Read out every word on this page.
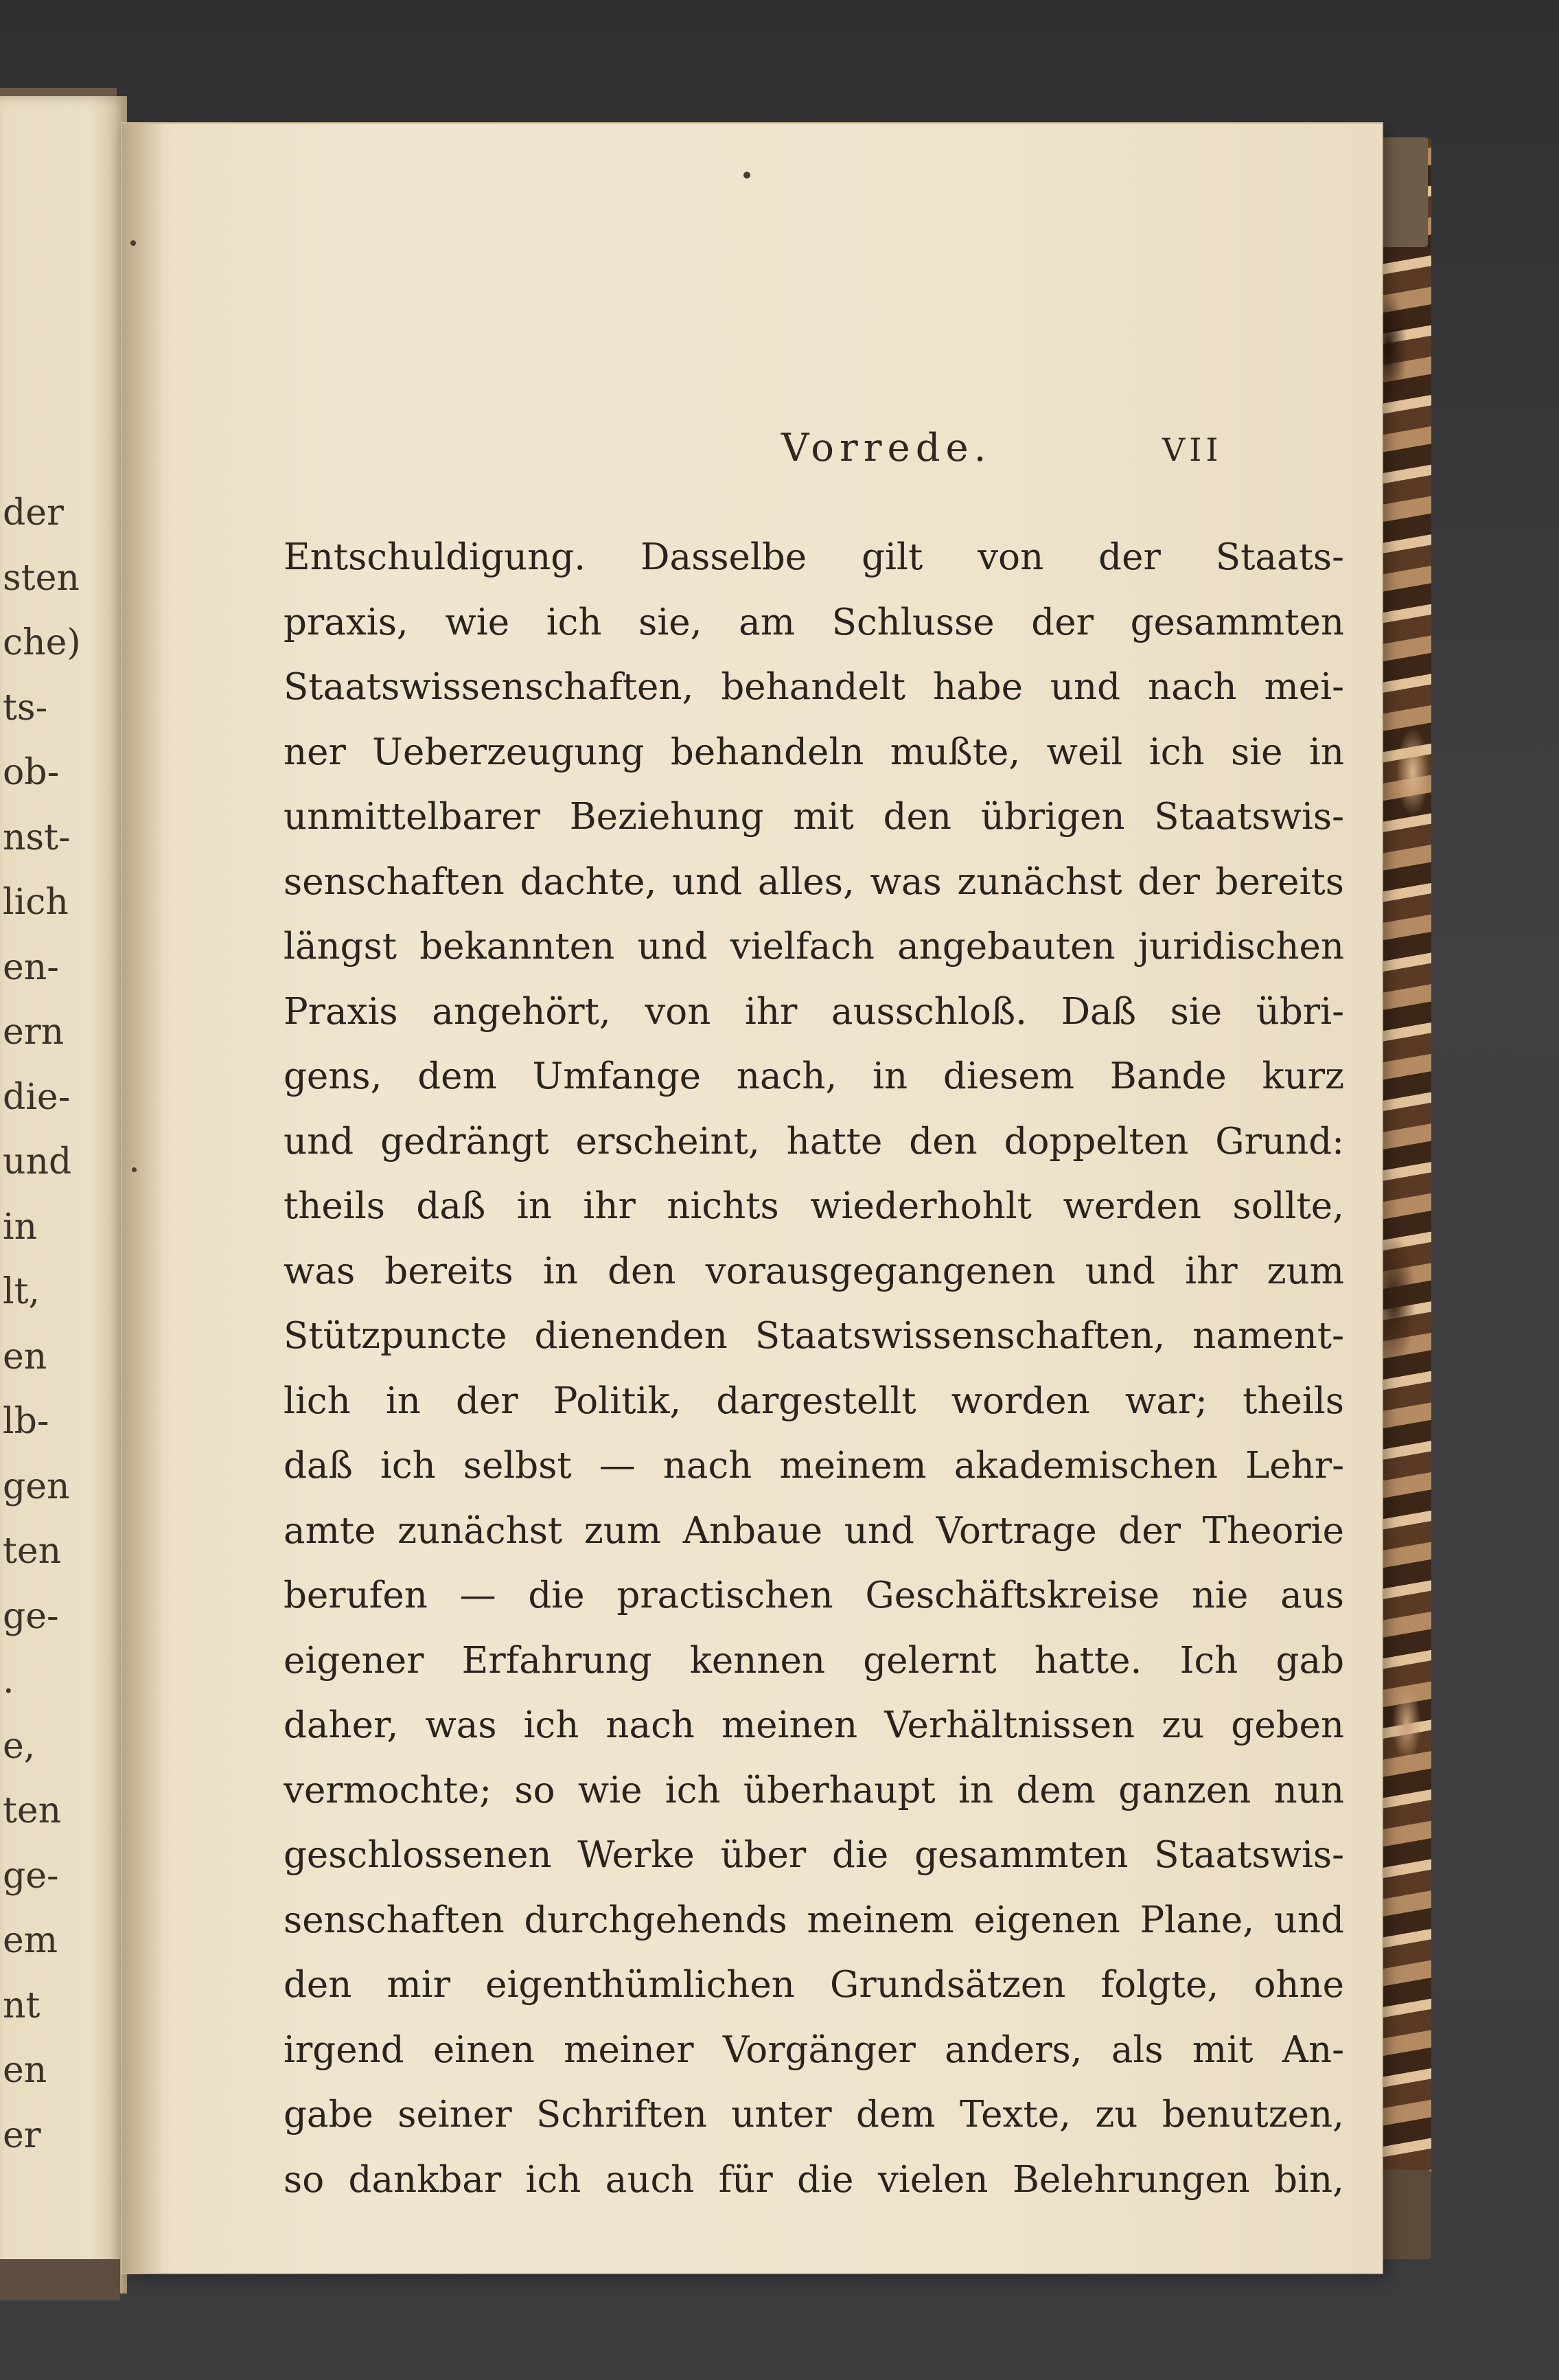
der
sten
che)
ts-
ob-
nst-
lich
en-
ern
die-
und
in
lt,
en
lb-
gen
ten
ge-
.
e,
ten
ge-
em
nt
en
er
Vorrede.	VII
Entschuldigung. Dasselbe gilt von der Staats-
praxis, wie ich sie, am Schlusse der gesammten
Staatswissenschaften, behandelt habe und nach mei-
ner Ueberzeugung behandeln mußte, weil ich sie in
unmittelbarer Beziehung mit den übrigen Staatswis-
senschaften dachte, und alles, was zunächst der bereits
längst bekannten und vielfach angebauten juridischen
Praxis angehört, von ihr ausschloß. Daß sie übri-
gens, dem Umfange nach, in diesem Bande kurz
und gedrängt erscheint, hatte den doppelten Grund:
theils daß in ihr nichts wiederhohlt werden sollte,
was bereits in den vorausgegangenen und ihr zum
Stützpuncte dienenden Staatswissenschaften, nament-
lich in der Politik, dargestellt worden war; theils
daß ich selbst — nach meinem akademischen Lehr-
amte zunächst zum Anbaue und Vortrage der Theorie
berufen — die practischen Geschäftskreise nie aus
eigener Erfahrung kennen gelernt hatte. Ich gab
daher, was ich nach meinen Verhältnissen zu geben
vermochte; so wie ich überhaupt in dem ganzen nun
geschlossenen Werke über die gesammten Staatswis-
senschaften durchgehends meinem eigenen Plane, und
den mir eigenthümlichen Grundsätzen folgte, ohne
irgend einen meiner Vorgänger anders, als mit An-
gabe seiner Schriften unter dem Texte, zu benutzen,
so dankbar ich auch für die vielen Belehrungen bin,
